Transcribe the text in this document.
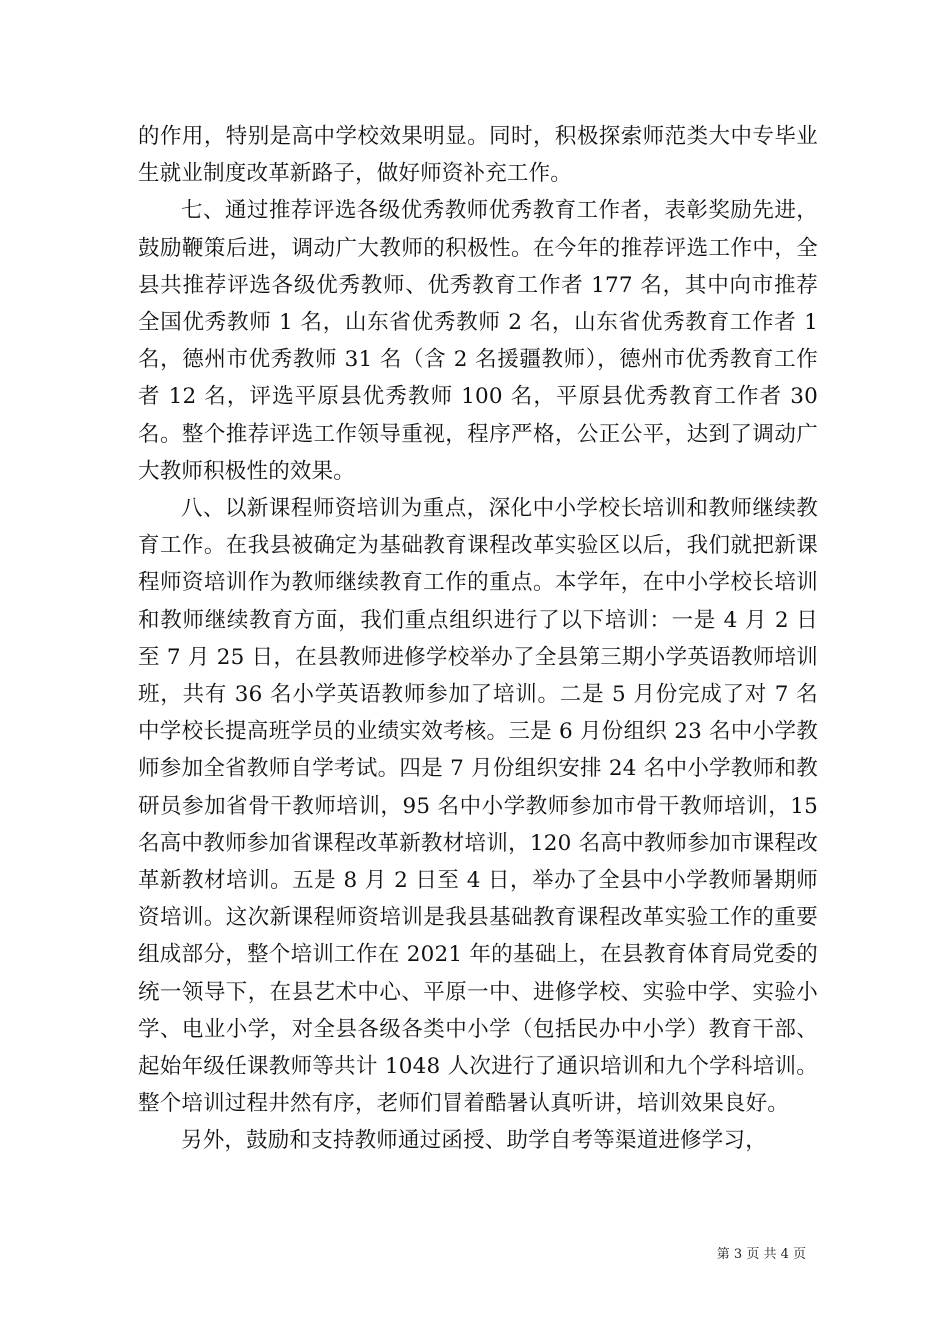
的作用，特别是高中学校效果明显。同时，积极探索师范类大中专毕业生就业制度改革新路子，做好师资补充工作。

七、通过推荐评选各级优秀教师优秀教育工作者，表彰奖励先进，鼓励鞭策后进，调动广大教师的积极性。在今年的推荐评选工作中，全县共推荐评选各级优秀教师、优秀教育工作者 177 名，其中向市推荐全国优秀教师 1 名，山东省优秀教师 2 名，山东省优秀教育工作者 1 名，德州市优秀教师 31 名（含 2 名援疆教师），德州市优秀教育工作者 12 名，评选平原县优秀教师 100 名，平原县优秀教育工作者 30 名。整个推荐评选工作领导重视，程序严格，公正公平，达到了调动广大教师积极性的效果。

八、以新课程师资培训为重点，深化中小学校长培训和教师继续教育工作。在我县被确定为基础教育课程改革实验区以后，我们就把新课程师资培训作为教师继续教育工作的重点。本学年，在中小学校长培训和教师继续教育方面，我们重点组织进行了以下培训：一是 4 月 2 日至 7 月 25 日，在县教师进修学校举办了全县第三期小学英语教师培训班，共有 36 名小学英语教师参加了培训。二是 5 月份完成了对 7 名中学校长提高班学员的业绩实效考核。三是 6 月份组织 23 名中小学教师参加全省教师自学考试。四是 7 月份组织安排 24 名中小学教师和教研员参加省骨干教师培训，95 名中小学教师参加市骨干教师培训，15 名高中教师参加省课程改革新教材培训，120 名高中教师参加市课程改革新教材培训。五是 8 月 2 日至 4 日，举办了全县中小学教师暑期师资培训。这次新课程师资培训是我县基础教育课程改革实验工作的重要组成部分，整个培训工作在 2021 年的基础上，在县教育体育局党委的统一领导下，在县艺术中心、平原一中、进修学校、实验中学、实验小学、电业小学，对全县各级各类中小学（包括民办中小学）教育干部、起始年级任课教师等共计 1048 人次进行了通识培训和九个学科培训。整个培训过程井然有序，老师们冒着酷暑认真听讲，培训效果良好。

另外，鼓励和支持教师通过函授、助学自考等渠道进修学习，

第 3 页 共 4 页
